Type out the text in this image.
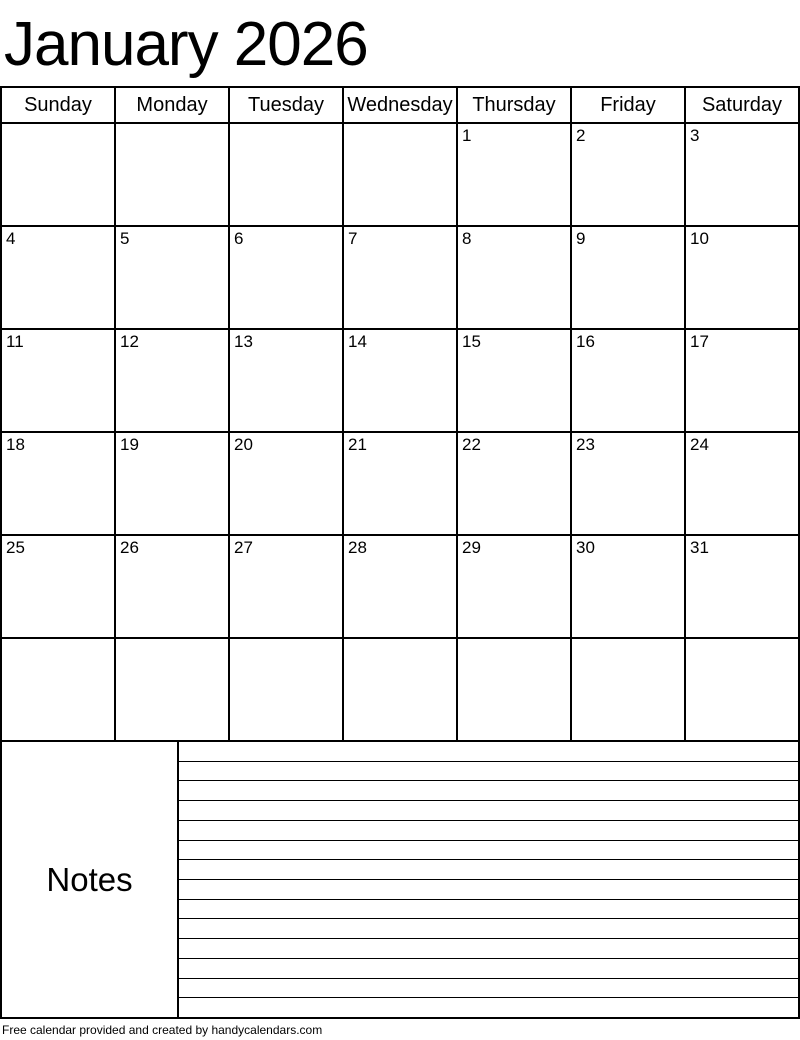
January 2026
Sunday	Monday	Tuesday	Wednesday	Thursday	Friday	Saturday
				1	2	3
4	5	6	7	8	9	10
11	12	13	14	15	16	17
18	19	20	21	22	23	24
25	26	27	28	29	30	31

Notes
Free calendar provided and created by handycalendars.com
